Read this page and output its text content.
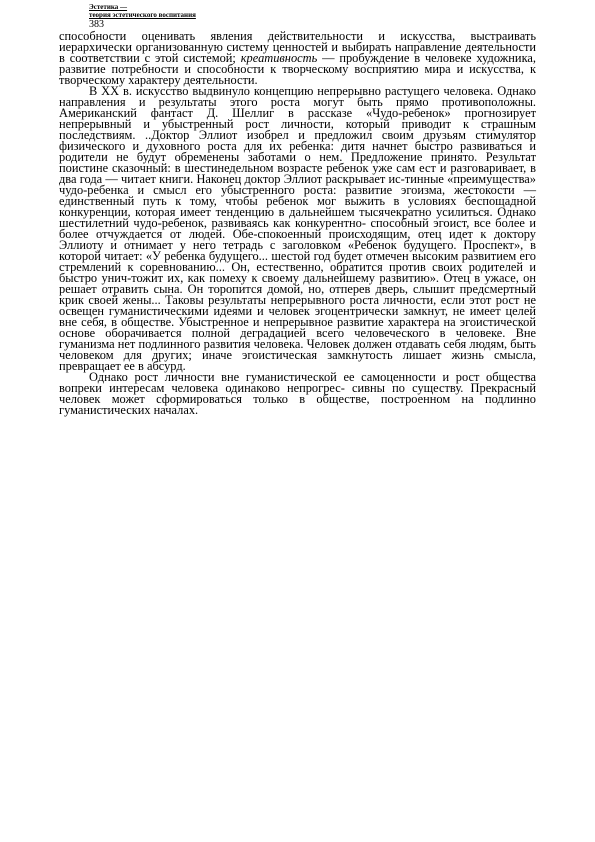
Эстетика —
теория эстетического воспитания
383

способности оценивать явления действительности и искусства, выстраивать иерархически организованную систему ценностей и выбирать направление деятельности в соответствии с этой системой; креативность — пробуждение в человеке художника, развитие потребности и способности к творческому восприятию мира и искусства, к творческому характеру деятельности.

В XX в. искусство выдвинуло концепцию непрерывно растущего человека. Однако направления и результаты этого роста могут быть прямо противоположны. Американский фантаст Д. Шеллиг в рассказе «Чудо-ребенок» прогнозирует непрерывный и убыстренный рост личности, который приводит к страшным последствиям. ..Доктор Эллиот изобрел и предложил своим друзьям стимулятор физического и духовного роста для их ребенка: дитя начнет быстро развиваться и родители не будут обременены заботами о нем. Предложение принято. Результат поистине сказочный: в шестинедельном возрасте ребенок уже сам ест и разговаривает, в два года — читает книги. Наконец доктор Эллиот раскрывает ис-тинные «преимущества» чудо-ребенка и смысл его убыстренного роста: развитие эгоизма, жестокости — единственный путь к тому, чтобы ребенок мог выжить в условиях беспощадной конкуренции, которая имеет тенденцию в дальнейшем тысячекратно усилиться. Однако шестилетний чудо-ребенок, развиваясь как конкурентно- способный эгоист, все более и более отчуждается от людей. Обе-спокоенный происходящим, отец идет к доктору Эллиоту и отнимает у него тетрадь с заголовком «Ребенок будущего. Проспект», в которой читает: «У ребенка будущего... шестой год будет отмечен высоким развитием его стремлений к соревнованию... Он, естественно, обратится против своих родителей и быстро унич-тожит их, как помеху к своему дальнейшему развитию». Отец в ужасе, он решает отравить сына. Он торопится домой, но, отперев дверь, слышит предсмертный крик своей жены... Таковы результаты непрерывного роста личности, если этот рост не освещен гуманистическими идеями и человек эгоцентрически замкнут, не имеет целей вне себя, в обществе. Убыстренное и непрерывное развитие характера на эгоистической основе оборачивается полной деградацией всего человеческого в человеке. Вне гуманизма нет подлинного развития человека. Человек должен отдавать себя людям, быть человеком для других; иначе эгоистическая замкнутость лишает жизнь смысла, превращает ее в абсурд.

Однако рост личности вне гуманистической ее самоценности и рост общества вопреки интересам человека одинаково непрогрес- сивны по существу. Прекрасный человек может сформироваться только в обществе, построенном на подлинно гуманистических началах.
